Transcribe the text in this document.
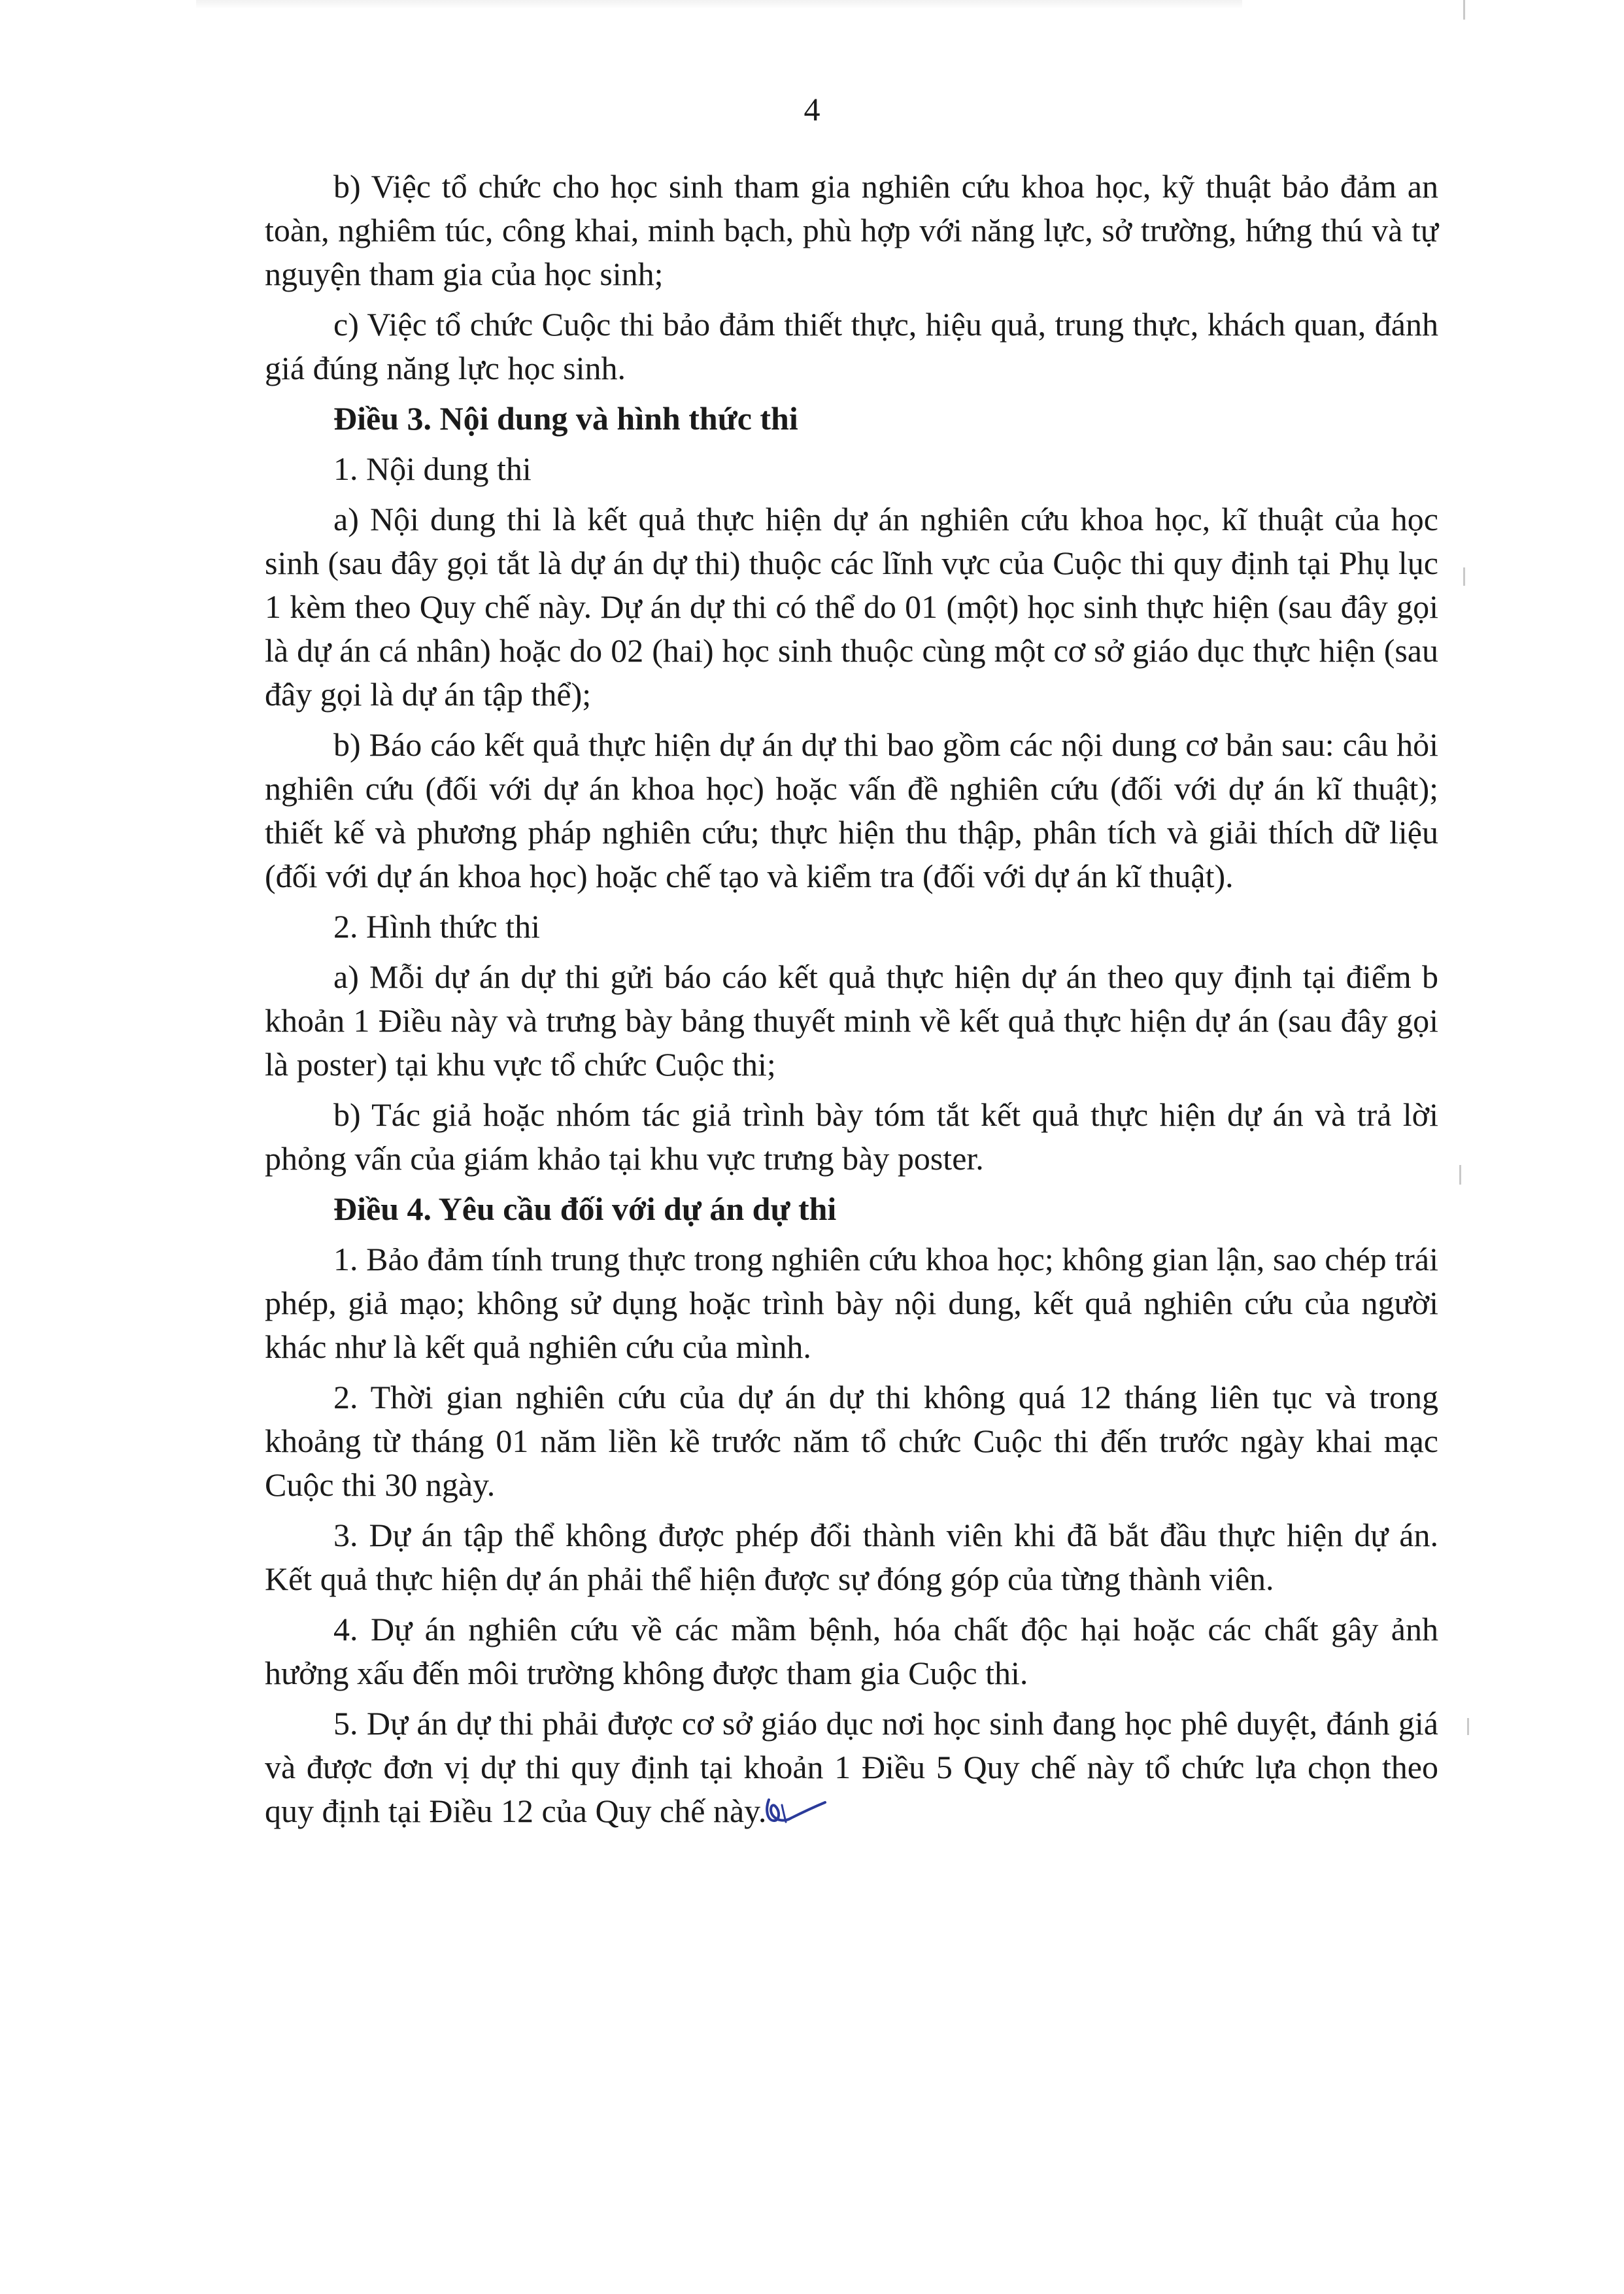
4

b) Việc tổ chức cho học sinh tham gia nghiên cứu khoa học, kỹ thuật bảo đảm an toàn, nghiêm túc, công khai, minh bạch, phù hợp với năng lực, sở trường, hứng thú và tự nguyện tham gia của học sinh;

c) Việc tổ chức Cuộc thi bảo đảm thiết thực, hiệu quả, trung thực, khách quan, đánh giá đúng năng lực học sinh.

Điều 3. Nội dung và hình thức thi

1. Nội dung thi

a) Nội dung thi là kết quả thực hiện dự án nghiên cứu khoa học, kĩ thuật của học sinh (sau đây gọi tắt là dự án dự thi) thuộc các lĩnh vực của Cuộc thi quy định tại Phụ lục 1 kèm theo Quy chế này. Dự án dự thi có thể do 01 (một) học sinh thực hiện (sau đây gọi là dự án cá nhân) hoặc do 02 (hai) học sinh thuộc cùng một cơ sở giáo dục thực hiện (sau đây gọi là dự án tập thể);

b) Báo cáo kết quả thực hiện dự án dự thi bao gồm các nội dung cơ bản sau: câu hỏi nghiên cứu (đối với dự án khoa học) hoặc vấn đề nghiên cứu (đối với dự án kĩ thuật); thiết kế và phương pháp nghiên cứu; thực hiện thu thập, phân tích và giải thích dữ liệu (đối với dự án khoa học) hoặc chế tạo và kiểm tra (đối với dự án kĩ thuật).

2. Hình thức thi

a) Mỗi dự án dự thi gửi báo cáo kết quả thực hiện dự án theo quy định tại điểm b khoản 1 Điều này và trưng bày bảng thuyết minh về kết quả thực hiện dự án (sau đây gọi là poster) tại khu vực tổ chức Cuộc thi;

b) Tác giả hoặc nhóm tác giả trình bày tóm tắt kết quả thực hiện dự án và trả lời phỏng vấn của giám khảo tại khu vực trưng bày poster.

Điều 4. Yêu cầu đối với dự án dự thi

1. Bảo đảm tính trung thực trong nghiên cứu khoa học; không gian lận, sao chép trái phép, giả mạo; không sử dụng hoặc trình bày nội dung, kết quả nghiên cứu của người khác như là kết quả nghiên cứu của mình.

2. Thời gian nghiên cứu của dự án dự thi không quá 12 tháng liên tục và trong khoảng từ tháng 01 năm liền kề trước năm tổ chức Cuộc thi đến trước ngày khai mạc Cuộc thi 30 ngày.

3. Dự án tập thể không được phép đổi thành viên khi đã bắt đầu thực hiện dự án. Kết quả thực hiện dự án phải thể hiện được sự đóng góp của từng thành viên.

4. Dự án nghiên cứu về các mầm bệnh, hóa chất độc hại hoặc các chất gây ảnh hưởng xấu đến môi trường không được tham gia Cuộc thi.

5. Dự án dự thi phải được cơ sở giáo dục nơi học sinh đang học phê duyệt, đánh giá và được đơn vị dự thi quy định tại khoản 1 Điều 5 Quy chế này tổ chức lựa chọn theo quy định tại Điều 12 của Quy chế này.
